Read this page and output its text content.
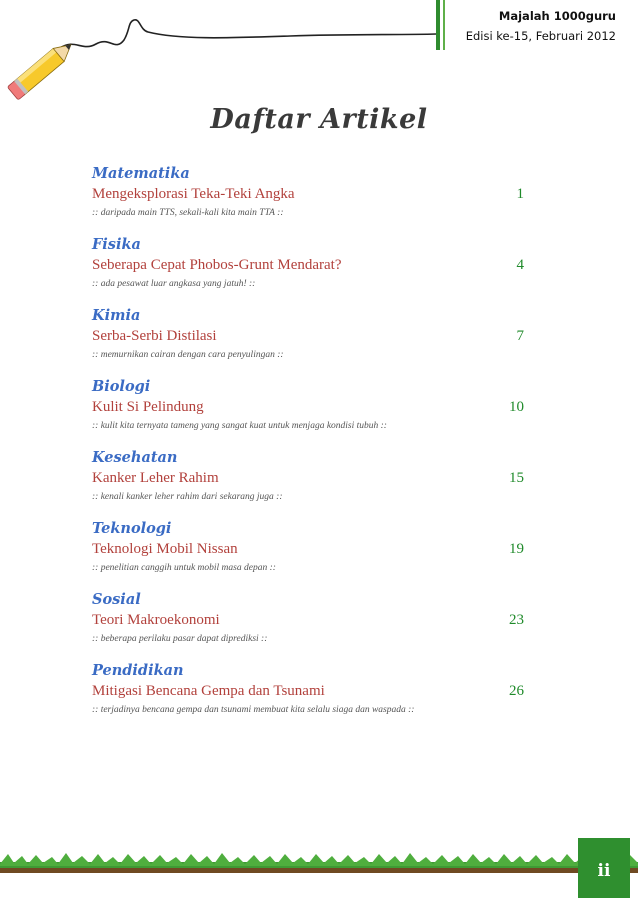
Majalah 1000guru
Edisi ke-15, Februari 2012
Daftar Artikel
Matematika
Mengeksplorasi Teka-Teki Angka	1
:: daripada main TTS, sekali-kali kita main TTA ::
Fisika
Seberapa Cepat Phobos-Grunt Mendarat?	4
:: ada pesawat luar angkasa yang jatuh! ::
Kimia
Serba-Serbi Distilasi	7
:: memurnikan cairan dengan cara penyulingan ::
Biologi
Kulit Si Pelindung	10
:: kulit kita ternyata tameng yang sangat kuat untuk menjaga kondisi tubuh ::
Kesehatan
Kanker Leher Rahim	15
:: kenali kanker leher rahim dari sekarang juga ::
Teknologi
Teknologi Mobil Nissan	19
:: penelitian canggih untuk mobil masa depan ::
Sosial
Teori Makroekonomi	23
:: beberapa perilaku pasar dapat diprediksi ::
Pendidikan
Mitigasi Bencana Gempa dan Tsunami	26
:: terjadinya bencana gempa dan tsunami membuat kita selalu siaga dan waspada ::
ii
